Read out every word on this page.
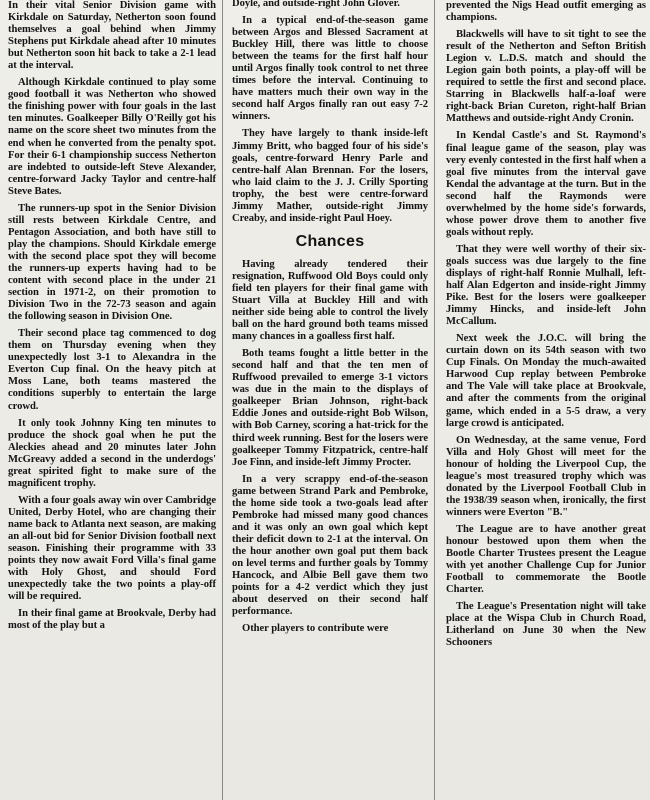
In their vital Senior Division game with Kirkdale on Saturday, Netherton soon found themselves a goal behind when Jimmy Stephens put Kirkdale ahead after 10 minutes but Netherton soon hit back to take a 2-1 lead at the interval.

Although Kirkdale continued to play some good football it was Netherton who showed the finishing power with four goals in the last ten minutes. Goalkeeper Billy O'Reilly got his name on the score sheet two minutes from the end when he converted from the penalty spot. For their 6-1 championship success Netherton are indebted to outside-left Steve Alexander, centre-forward Jacky Taylor and centre-half Steve Bates.

The runners-up spot in the Senior Division still rests between Kirkdale Centre, and Pentagon Association, and both have still to play the champions. Should Kirkdale emerge with the second place spot they will become the runners-up experts having had to be content with second place in the under 21 section in 1971-2, on their promotion to Division Two in the 72-73 season and again the following season in Division One.

Their second place tag commenced to dog them on Thursday evening when they unexpectedly lost 3-1 to Alexandra in the Everton Cup final. On the heavy pitch at Moss Lane, both teams mastered the conditions superbly to entertain the large crowd.

It only took Johnny King ten minutes to produce the shock goal when he put the Aleckies ahead and 20 minutes later John McGreavy added a second in the underdogs' great spirited fight to make sure of the magnificent trophy.

With a four goals away win over Cambridge United, Derby Hotel, who are changing their name back to Atlanta next season, are making an all-out bid for Senior Division football next season. Finishing their programme with 33 points they now await Ford Villa's final game with Holy Ghost, and should Ford unexpectedly take the two points a play-off will be required.

In their final game at Brookvale, Derby had most of the play but a

Doyle, and outside-right John Glover.

In a typical end-of-the-season game between Argos and Blessed Sacrament at Buckley Hill, there was little to choose between the teams for the first half hour until Argos finally took control to net three times before the interval. Continuing to have matters much their own way in the second half Argos finally ran out easy 7-2 winners.

They have largely to thank inside-left Jimmy Britt, who bagged four of his side's goals, centre-forward Henry Parle and centre-half Alan Brennan. For the losers, who laid claim to the J. J. Crilly Sporting trophy, the best were centre-forward Jimmy Mather, outside-right Jimmy Creaby, and inside-right Paul Hoey.

Chances

Having already tendered their resignation, Ruffwood Old Boys could only field ten players for their final game with Stuart Villa at Buckley Hill and with neither side being able to control the lively ball on the hard ground both teams missed many chances in a goalless first half.

Both teams fought a little better in the second half and that the ten men of Ruffwood prevailed to emerge 3-1 victors was due in the main to the displays of goalkeeper Brian Johnson, right-back Eddie Jones and outside-right Bob Wilson, with Bob Carney, scoring a hat-trick for the third week running. Best for the losers were goalkeeper Tommy Fitzpatrick, centre-half Joe Finn, and inside-left Jimmy Procter.

In a very scrappy end-of-the-season game between Strand Park and Pembroke, the home side took a two-goals lead after Pembroke had missed many good chances and it was only an own goal which kept their deficit down to 2-1 at the interval. On the hour another own goal put them back on level terms and further goals by Tommy Hancock, and Albie Bell gave them two points for a 4-2 verdict which they just about deserved on their second half performance.

Other players to contribute were

prevented the Nigs Head outfit emerging as champions.

Blackwells will have to sit tight to see the result of the Netherton and Sefton British Legion v. L.D.S. match and should the Legion gain both points, a play-off will be required to settle the first and second place. Starring in Blackwells half-a-loaf were right-back Brian Cureton, right-half Brian Matthews and outside-right Andy Cronin.

In Kendal Castle's and St. Raymond's final league game of the season, play was very evenly contested in the first half when a goal five minutes from the interval gave Kendal the advantage at the turn. But in the second half the Raymonds were overwhelmed by the home side's forwards, whose power drove them to another five goals without reply.

That they were well worthy of their six-goals success was due largely to the fine displays of right-half Ronnie Mulhall, left-half Alan Edgerton and inside-right Jimmy Pike. Best for the losers were goalkeeper Jimmy Hincks, and inside-left John McCallum.

Next week the J.O.C. will bring the curtain down on its 54th season with two Cup Finals. On Monday the much-awaited Harwood Cup replay between Pembroke and The Vale will take place at Brookvale, and after the comments from the original game, which ended in a 5-5 draw, a very large crowd is anticipated.

On Wednesday, at the same venue, Ford Villa and Holy Ghost will meet for the honour of holding the Liverpool Cup, the league's most treasured trophy which was donated by the Liverpool Football Club in the 1938/39 season when, ironically, the first winners were Everton "B."

The League are to have another great honour bestowed upon them when the Bootle Charter Trustees present the League with yet another Challenge Cup for Junior Football to commemorate the Bootle Charter.

The League's Presentation night will take place at the Wispa Club in Church Road, Litherland on June 30 when the New Schooners
